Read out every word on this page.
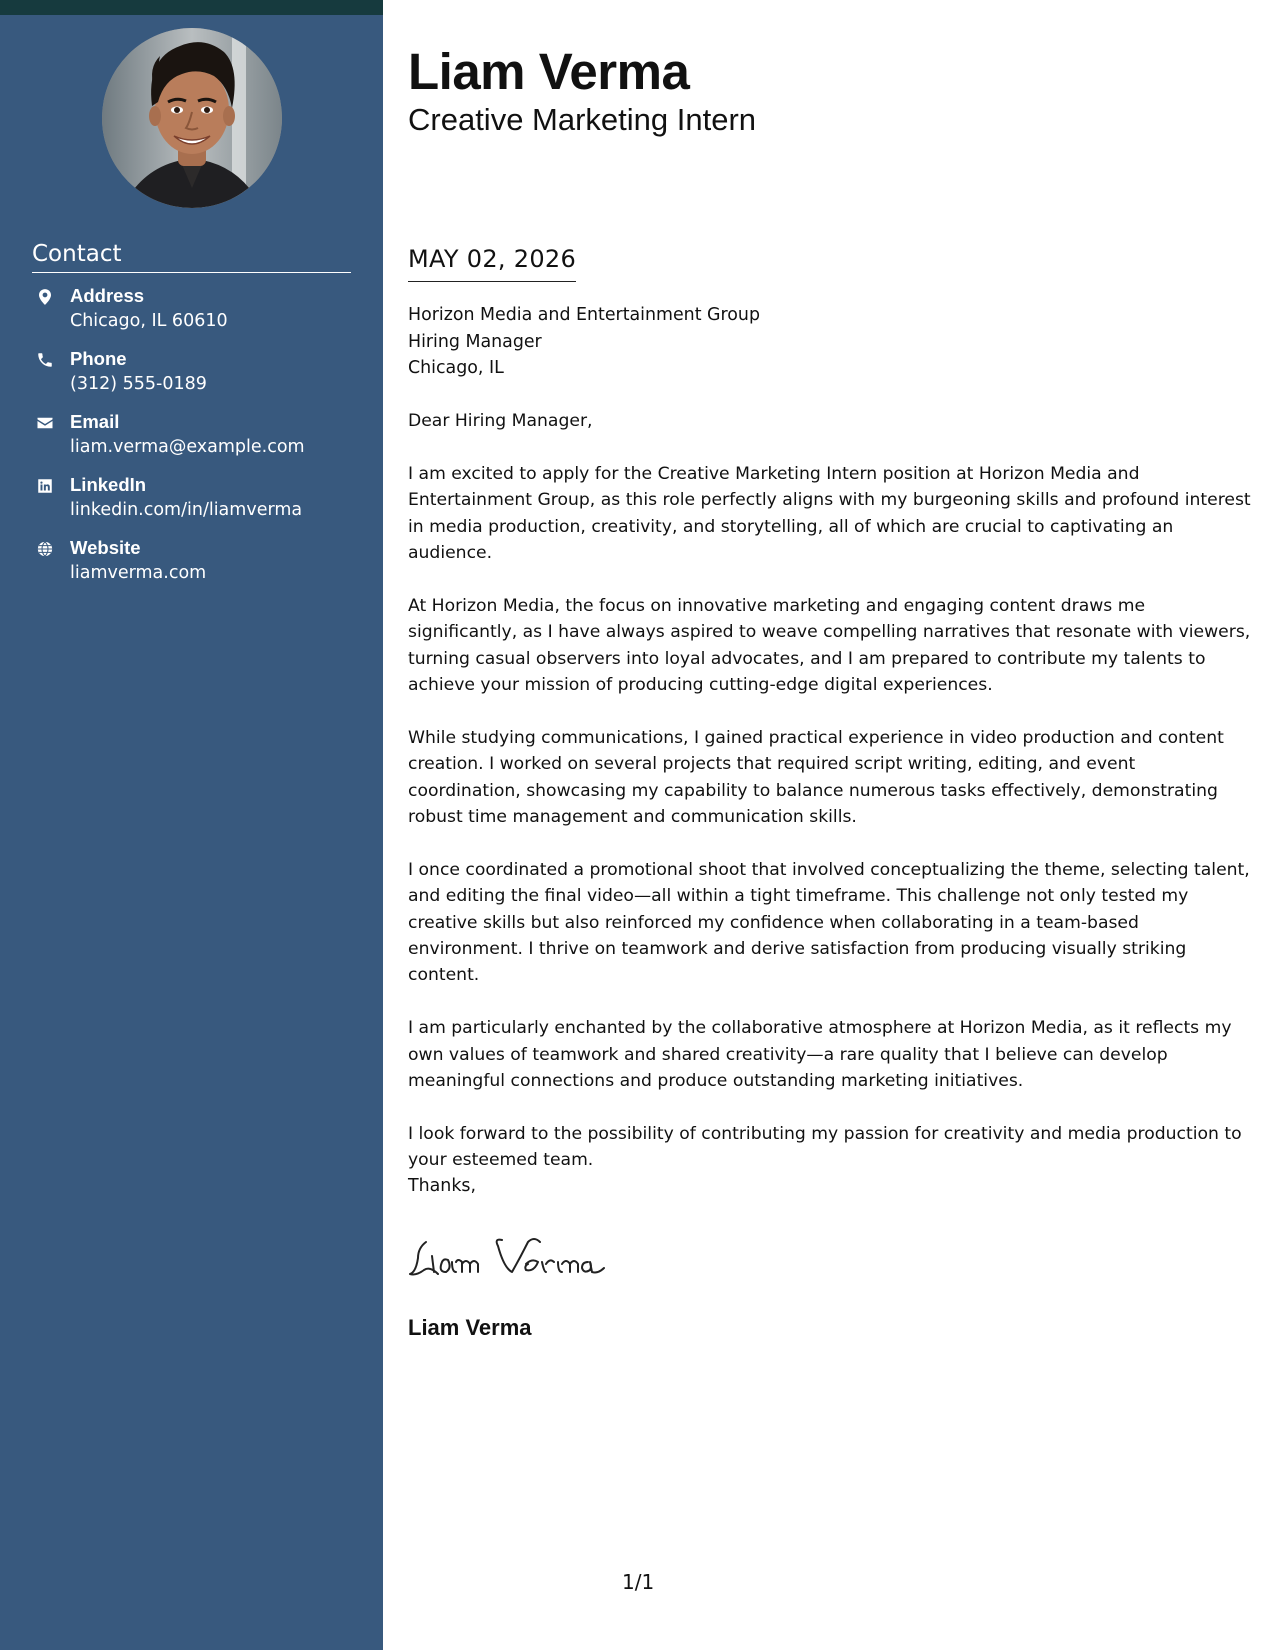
Contact
Address
Chicago, IL 60610
Phone
(312) 555-0189
Email
liam.verma@example.com
LinkedIn
linkedin.com/in/liamverma
Website
liamverma.com
Liam Verma
Creative Marketing Intern
MAY 02, 2026
Horizon Media and Entertainment Group
Hiring Manager
Chicago, IL

Dear Hiring Manager,

I am excited to apply for the Creative Marketing Intern position at Horizon Media and Entertainment Group, as this role perfectly aligns with my burgeoning skills and profound interest in media production, creativity, and storytelling, all of which are crucial to captivating an audience.

At Horizon Media, the focus on innovative marketing and engaging content draws me significantly, as I have always aspired to weave compelling narratives that resonate with viewers, turning casual observers into loyal advocates, and I am prepared to contribute my talents to achieve your mission of producing cutting-edge digital experiences.

While studying communications, I gained practical experience in video production and content creation. I worked on several projects that required script writing, editing, and event coordination, showcasing my capability to balance numerous tasks effectively, demonstrating robust time management and communication skills.

I once coordinated a promotional shoot that involved conceptualizing the theme, selecting talent, and editing the final video—all within a tight timeframe. This challenge not only tested my creative skills but also reinforced my confidence when collaborating in a team-based environment. I thrive on teamwork and derive satisfaction from producing visually striking content.

I am particularly enchanted by the collaborative atmosphere at Horizon Media, as it reflects my own values of teamwork and shared creativity—a rare quality that I believe can develop meaningful connections and produce outstanding marketing initiatives.

I look forward to the possibility of contributing my passion for creativity and media production to your esteemed team.

Thanks,
Liam Verma
1/1
